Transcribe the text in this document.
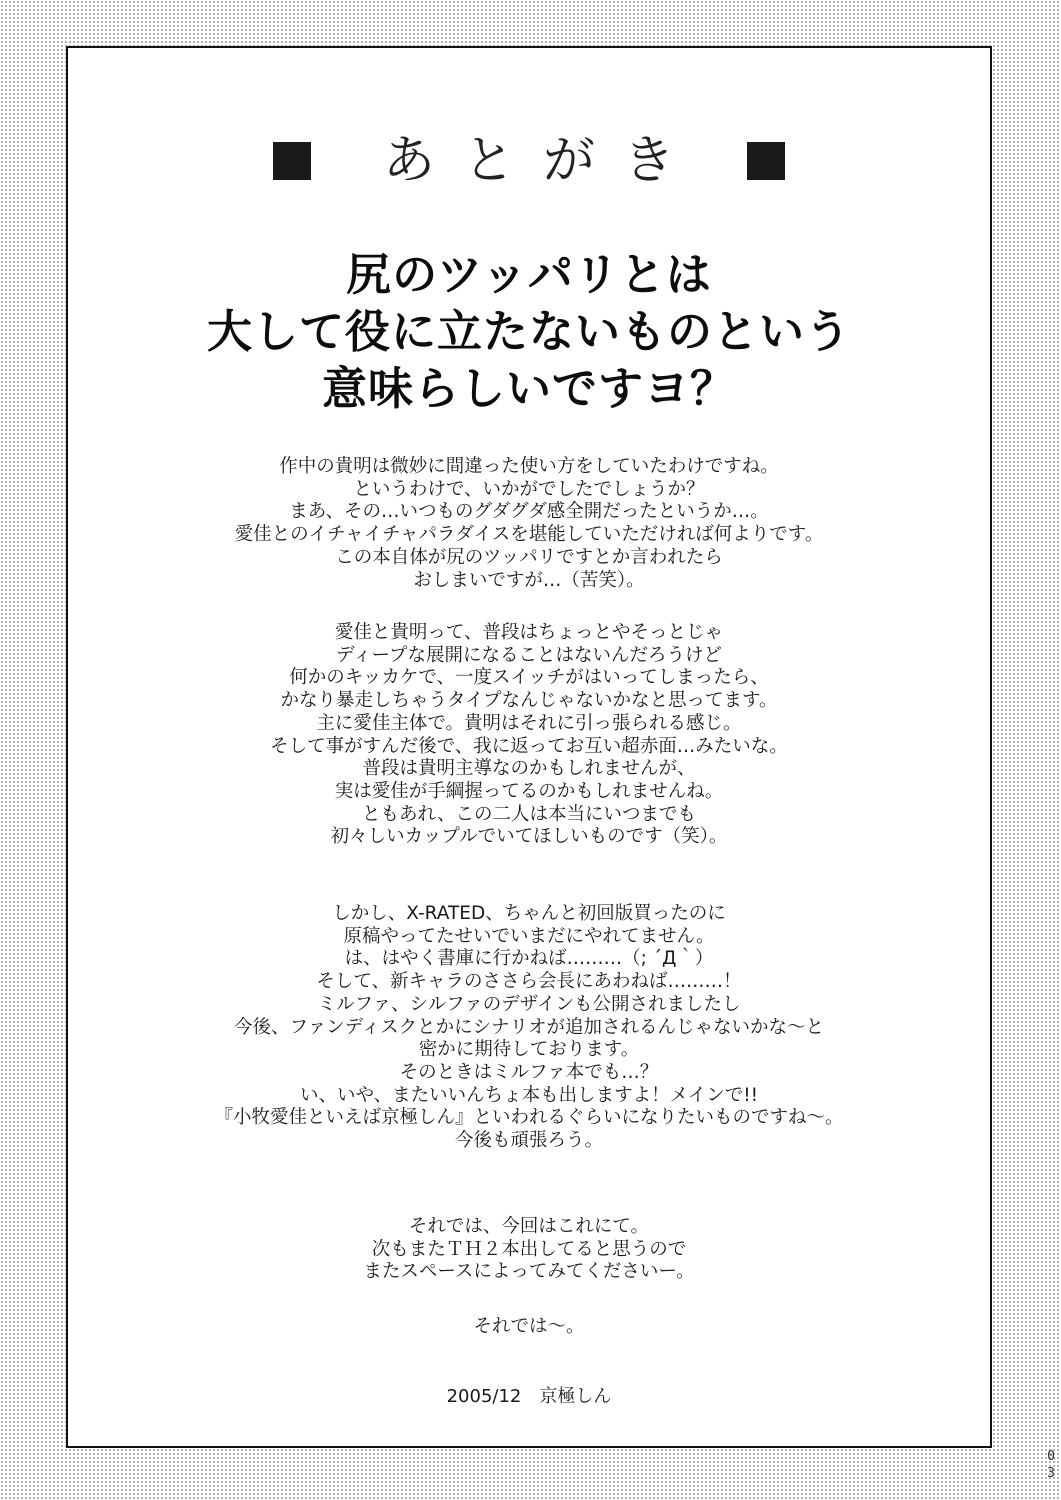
あとがき
尻のツッパリとは
大して役に立たないものという
意味らしいですヨ？
作中の貴明は微妙に間違った使い方をしていたわけですね。
というわけで、いかがでしたでしょうか？
まあ、その…いつものグダグダ感全開だったというか…。
愛佳とのイチャイチャパラダイスを堪能していただければ何よりです。
この本自体が尻のツッパリですとか言われたら
おしまいですが…（苦笑）。
愛佳と貴明って、普段はちょっとやそっとじゃ
ディープな展開になることはないんだろうけど
何かのキッカケで、一度スイッチがはいってしまったら、
かなり暴走しちゃうタイプなんじゃないかなと思ってます。
主に愛佳主体で。貴明はそれに引っ張られる感じ。
そして事がすんだ後で、我に返ってお互い超赤面…みたいな。
普段は貴明主導なのかもしれませんが、
実は愛佳が手綱握ってるのかもしれませんね。
ともあれ、この二人は本当にいつまでも
初々しいカップルでいてほしいものです（笑）。
しかし、X-RATED、ちゃんと初回版買ったのに
原稿やってたせいでいまだにやれてません。
は、はやく書庫に行かねば………（; ´Д｀）
そして、新キャラのささら会長にあわねば………！
ミルファ、シルファのデザインも公開されましたし
今後、ファンディスクとかにシナリオが追加されるんじゃないかな～と
密かに期待しております。
そのときはミルファ本でも…？
い、いや、またいいんちょ本も出しますよ！メインで!!
『小牧愛佳といえば京極しん』といわれるぐらいになりたいものですね～。
今後も頑張ろう。
それでは、今回はこれにて。
次もまたＴＨ２本出してると思うので
またスペースによってみてくださいー。
それでは～。
2005/12 京極しん
0
3
